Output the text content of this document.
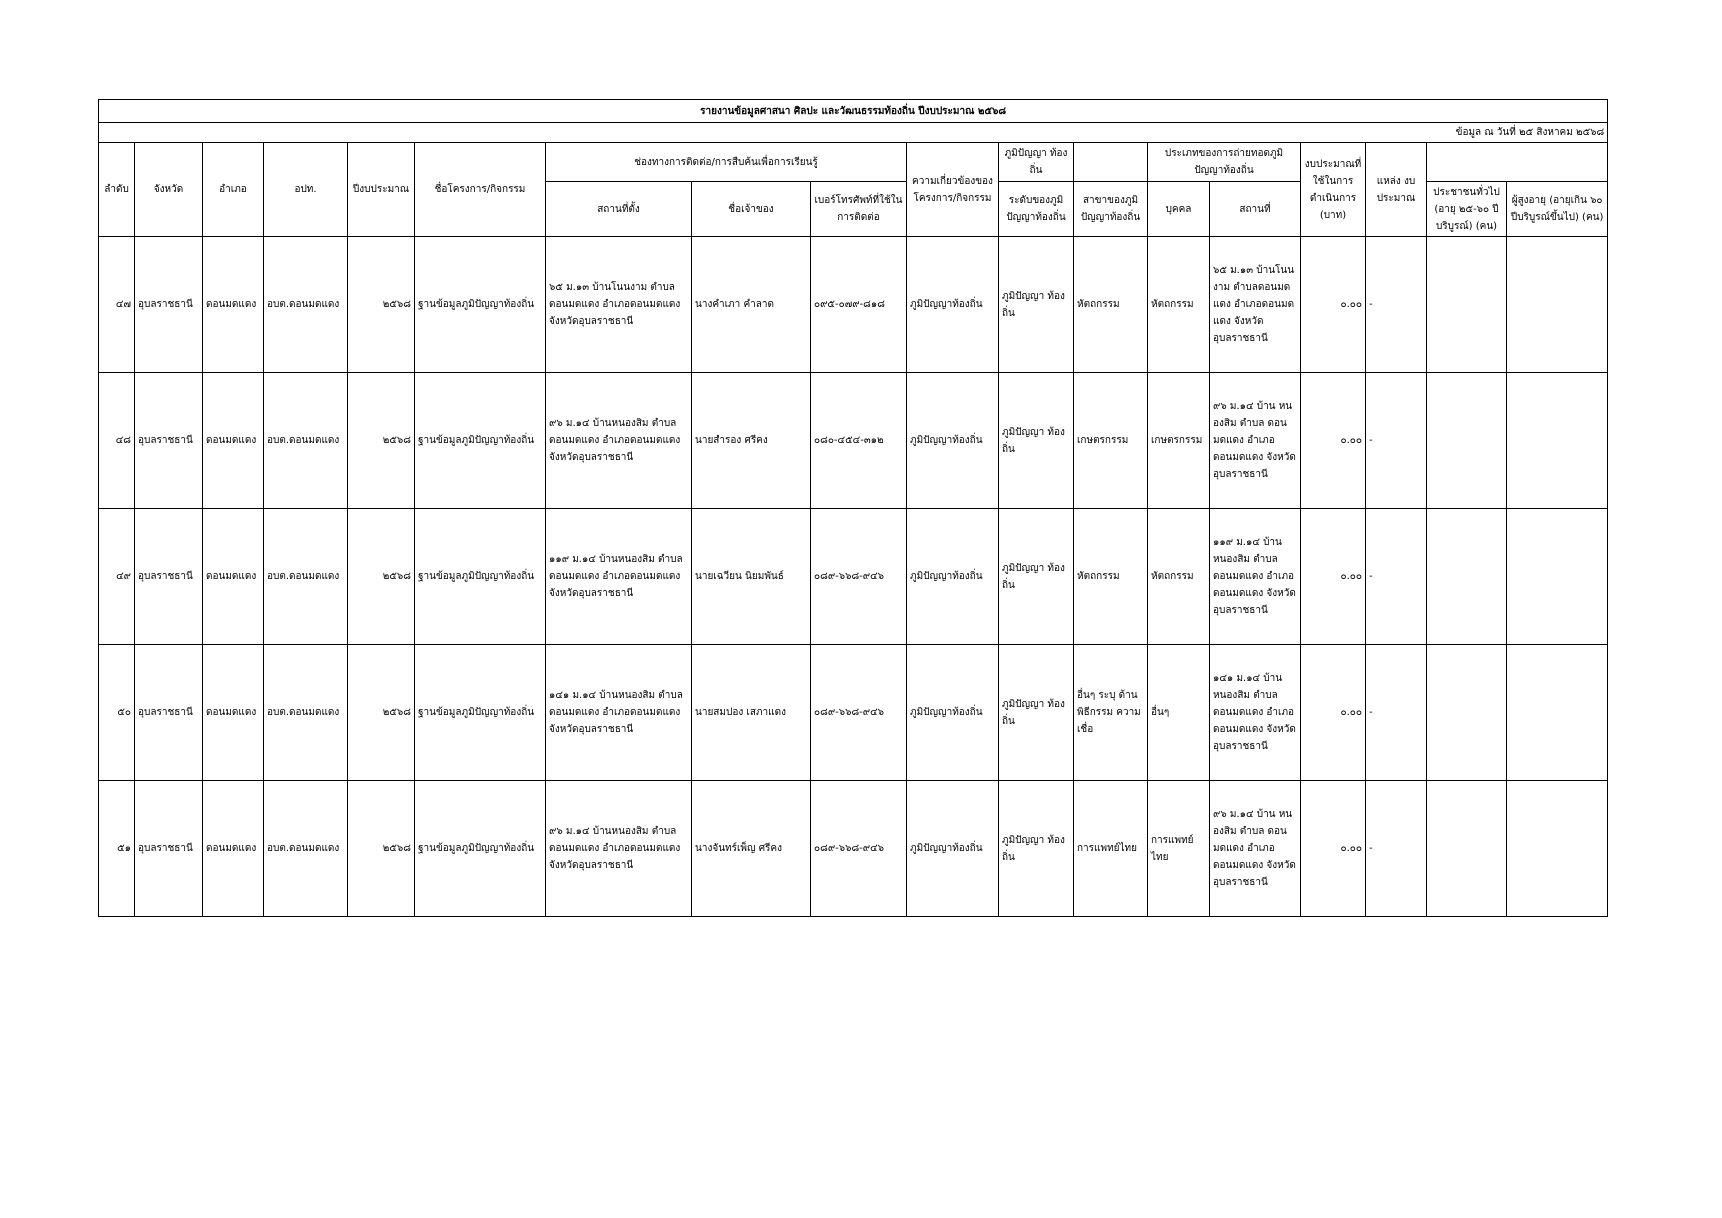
รายงานข้อมูลศาสนา ศิลปะ และวัฒนธรรมท้องถิ่น ปีงบประมาณ ๒๕๖๘																	
ข้อมูล ณ วันที่ ๒๕ สิงหาคม ๒๕๖๘																	
ลำดับ	จังหวัด	อำเภอ	อปท.	ปีงบประมาณ	ชื่อโครงการ/กิจกรรม	ช่องทางการติดต่อ/การสืบค้นเพื่อการเรียนรู้			ความเกี่ยวข้องของ โครงการ/กิจกรรม	ภูมิปัญญา ท้องถิ่น		ประเภทของการถ่ายทอดภูมิ ปัญญาท้องถิ่น		งบประมาณที่ ใช้ในการ ดำเนินการ (บาท)	แหล่ง งบประมาณ		
						สถานที่ตั้ง	ชื่อเจ้าของ	เบอร์โทรศัพท์ที่ใช้ใน การติดต่อ		ระดับของภูมิ ปัญญาท้องถิ่น	สาขาของภูมิ ปัญญาท้องถิ่น	บุคคล	สถานที่			ประชาชนทั่วไป (อายุ ๒๕-๖๐ ปี บริบูรณ์) (คน)	ผู้สูงอายุ (อายุเกิน ๖๐ ปีบริบูรณ์ขึ้นไป) (คน)
๔๗	อุบลราชธานี	ดอนมดแดง	อบต.ดอนมดแดง	๒๕๖๘	ฐานข้อมูลภูมิปัญญาท้องถิ่น	๖๕ ม.๑๓ บ้านโนนงาม ตำบล ดอนมดแดง อำเภอดอนมดแดง จังหวัดอุบลราชธานี	นางคำเภา คำลาด	๐๙๕-๐๗๙-๘๑๘	ภูมิปัญญาท้องถิ่น	ภูมิปัญญา ท้องถิ่น	หัตถกรรม	หัตถกรรม	๖๕ ม.๑๓ บ้านโนน งาม ตำบลดอนมด แดง อำเภอดอนมด แดง จังหวัด อุบลราชธานี	๐.๐๐	-		
๔๘	อุบลราชธานี	ดอนมดแดง	อบต.ดอนมดแดง	๒๕๖๘	ฐานข้อมูลภูมิปัญญาท้องถิ่น	๙๖ ม.๑๔ บ้านหนองสิม ตำบล ดอนมดแดง อำเภอดอนมดแดง จังหวัดอุบลราชธานี	นายสำรอง ศรีคง	๐๘๐-๔๕๔-๓๑๒	ภูมิปัญญาท้องถิ่น	ภูมิปัญญา ท้องถิ่น	เกษตรกรรม	เกษตรกรรม	๙๖ ม.๑๔ บ้าน หนองสิม ตำบล ดอนมดแดง อำเภอ ดอนมดแดง จังหวัด อุบลราชธานี	๐.๐๐	-		
๔๙	อุบลราชธานี	ดอนมดแดง	อบต.ดอนมดแดง	๒๕๖๘	ฐานข้อมูลภูมิปัญญาท้องถิ่น	๑๑๙ ม.๑๔ บ้านหนองสิม ตำบล ดอนมดแดง อำเภอดอนมดแดง จังหวัดอุบลราชธานี	นายเฉวียน นิยมพันธ์	๐๘๙-๖๖๘-๙๔๖	ภูมิปัญญาท้องถิ่น	ภูมิปัญญา ท้องถิ่น	หัตถกรรม	หัตถกรรม	๑๑๙ ม.๑๔ บ้าน หนองสิม ตำบล ดอนมดแดง อำเภอ ดอนมดแดง จังหวัด อุบลราชธานี	๐.๐๐	-		
๕๐	อุบลราชธานี	ดอนมดแดง	อบต.ดอนมดแดง	๒๕๖๘	ฐานข้อมูลภูมิปัญญาท้องถิ่น	๑๔๑ ม.๑๔ บ้านหนองสิม ตำบล ดอนมดแดง อำเภอดอนมดแดง จังหวัดอุบลราชธานี	นายสมปอง เสภาแดง	๐๘๙-๖๖๘-๙๔๖	ภูมิปัญญาท้องถิ่น	ภูมิปัญญา ท้องถิ่น	อื่นๆ ระบุ ด้าน พิธีกรรม ความ เชื่อ	อื่นๆ	๑๔๑ ม.๑๔ บ้าน หนองสิม ตำบล ดอนมดแดง อำเภอดอนมดแดง จังหวัดอุบลราชธานี	๐.๐๐	-		
๕๑	อุบลราชธานี	ดอนมดแดง	อบต.ดอนมดแดง	๒๕๖๘	ฐานข้อมูลภูมิปัญญาท้องถิ่น	๙๖ ม.๑๔ บ้านหนองสิม ตำบล ดอนมดแดง อำเภอดอนมดแดง จังหวัดอุบลราชธานี	นางจันทร์เพ็ญ ศรีคง	๐๘๙-๖๖๘-๙๔๖	ภูมิปัญญาท้องถิ่น	ภูมิปัญญา ท้องถิ่น	การแพทย์ไทย	การแพทย์ ไทย	๙๖ ม.๑๔ บ้าน หนองสิม ตำบล ดอนมดแดง อำเภอ ดอนมดแดง จังหวัด อุบลราชธานี	๐.๐๐	-		
